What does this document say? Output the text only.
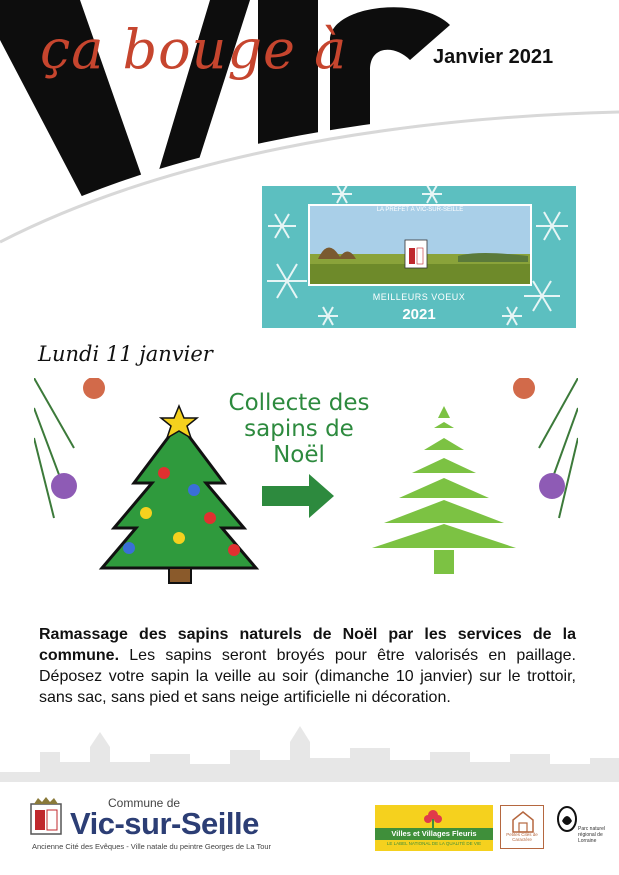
ça bouge à	Janvier 2021
LA PRÉFET À VIC-SUR-SEILLE
MEILLEURS VOEUX
2021
Lundi 11 janvier
Collecte des
sapins de
Noël
Ramassage des sapins naturels de Noël par les services de la commune. Les sapins seront broyés pour être valorisés en paillage. Déposez votre sapin la veille au soir (dimanche 10 janvier) sur le trottoir, sans sac, sans pied et sans neige artificielle ni décoration.
Commune de
Vic-sur-Seille
Ancienne Cité des Evêques - Ville natale du peintre Georges de La Tour
Villes et Villages Fleuris
LE LABEL NATIONAL DE LA QUALITÉ DE VIE
Petites Cités de Caractère
Parc naturel régional de Lorraine
